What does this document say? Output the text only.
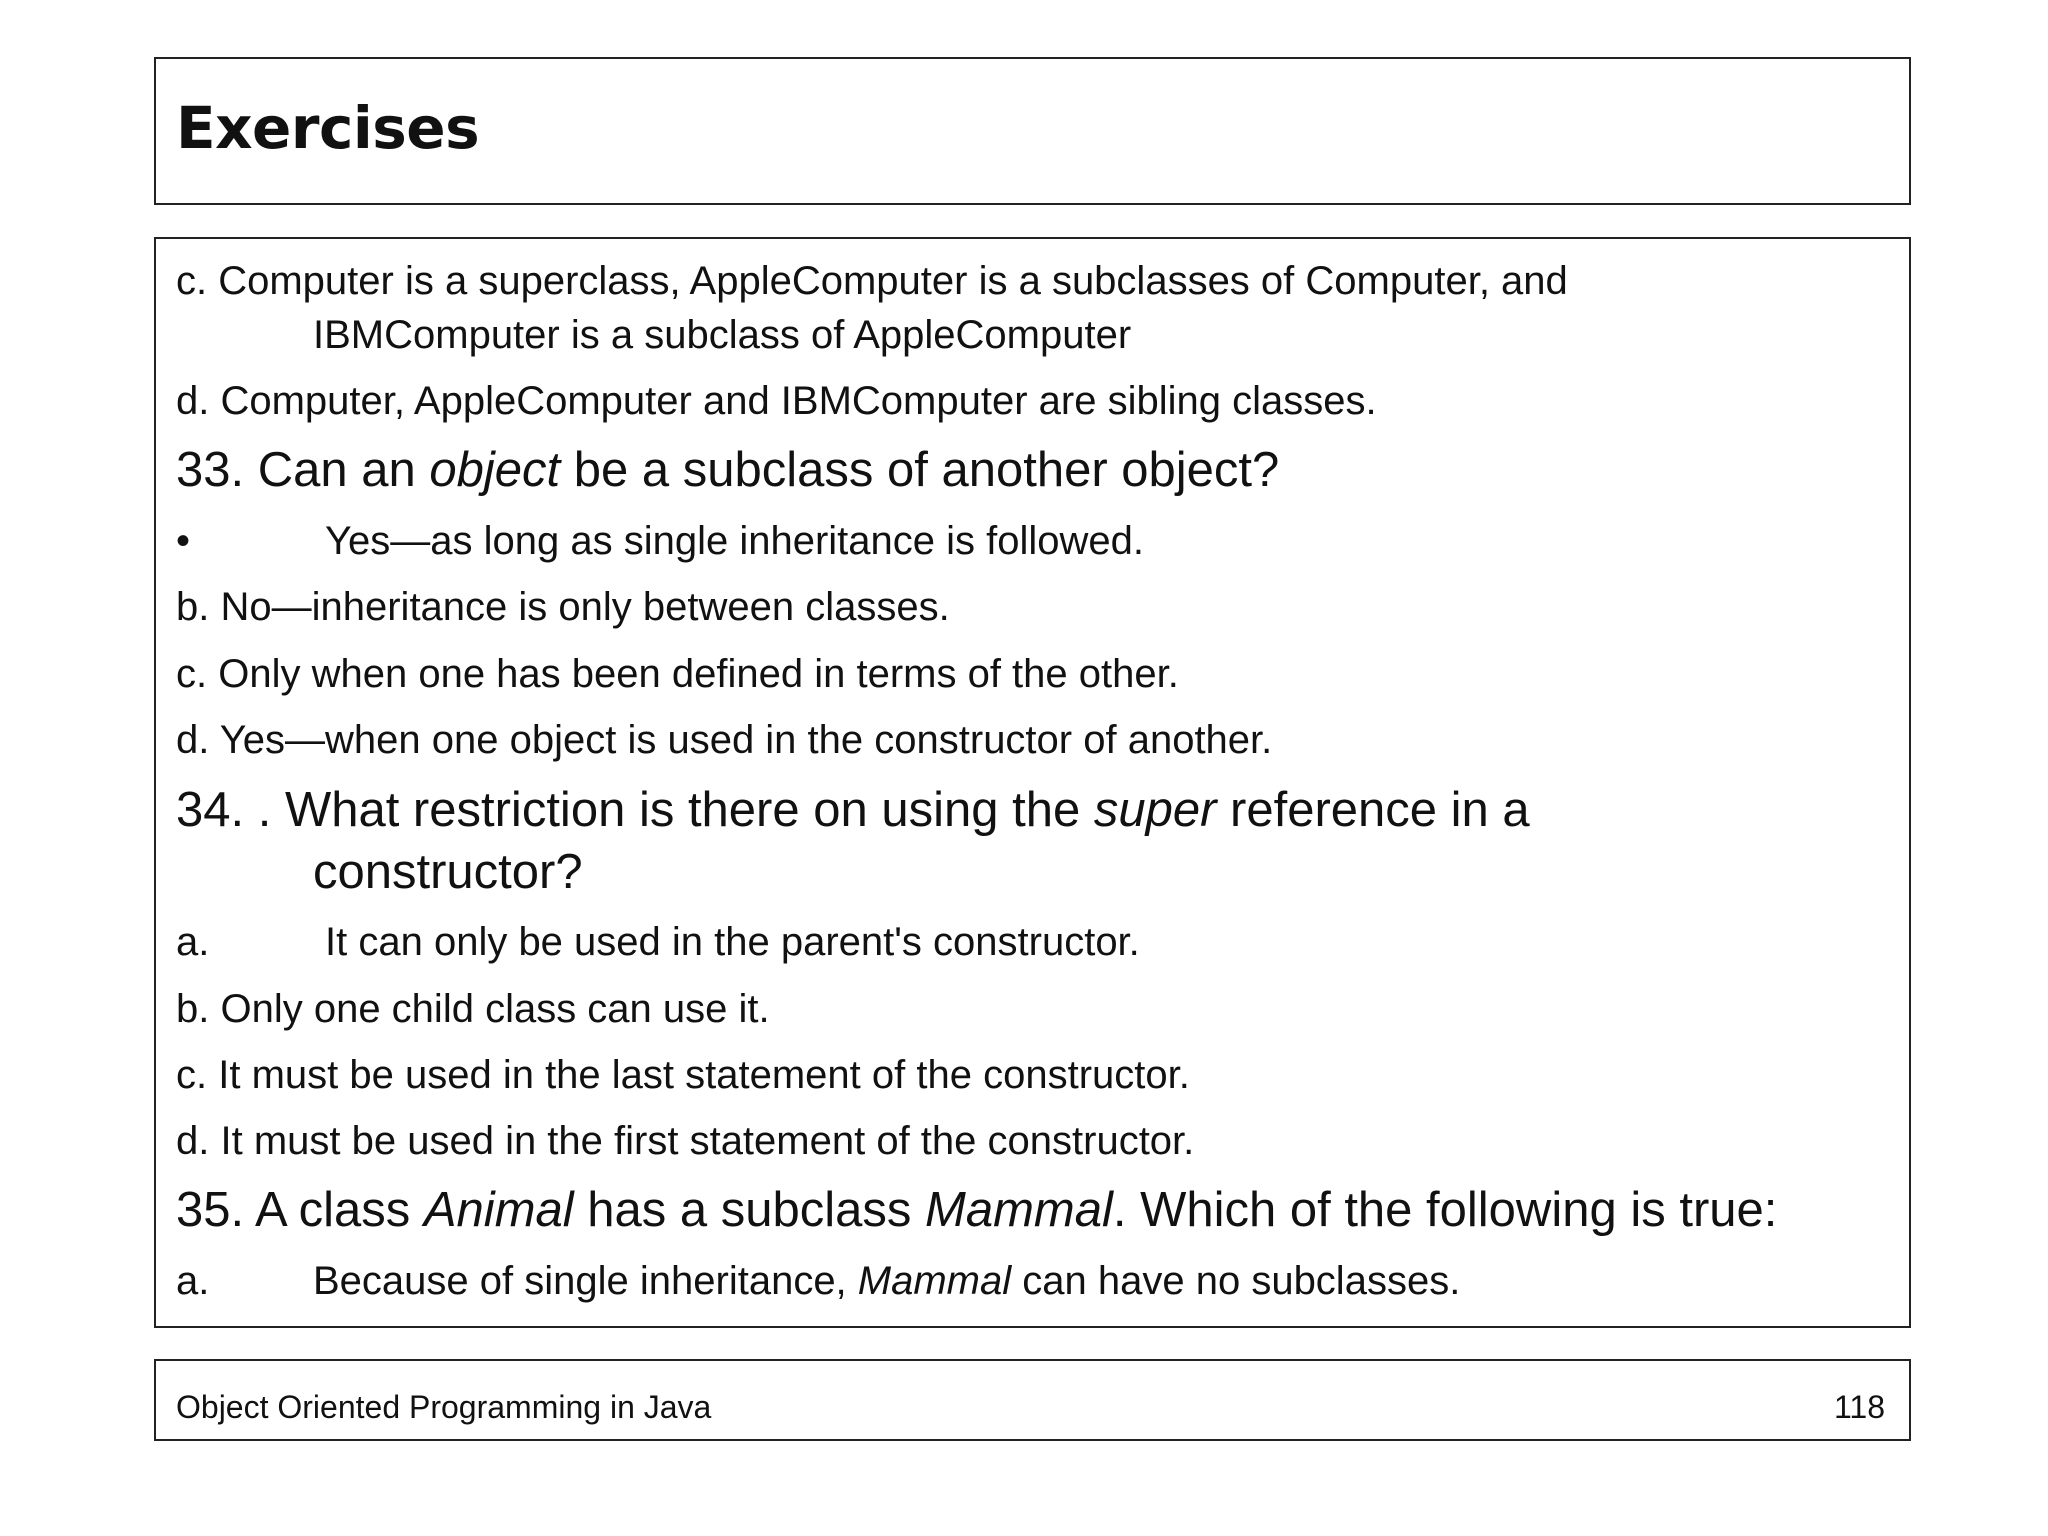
Exercises
c. Computer is a superclass, AppleComputer is a subclasses of Computer, and
IBMComputer is a subclass of AppleComputer
d. Computer, AppleComputer and IBMComputer are sibling classes.
33. Can an object be a subclass of another object?
•	Yes—as long as single inheritance is followed.
b. No—inheritance is only between classes.
c. Only when one has been defined in terms of the other.
d. Yes—when one object is used in the constructor of another.
34. . What restriction is there on using the super reference in a
constructor?
a.	It can only be used in the parent's constructor.
b. Only one child class can use it.
c. It must be used in the last statement of the constructor.
d. It must be used in the first statement of the constructor.
35. A class Animal has a subclass Mammal. Which of the following is true:
a.	Because of single inheritance, Mammal can have no subclasses.
Object Oriented Programming in Java	118
